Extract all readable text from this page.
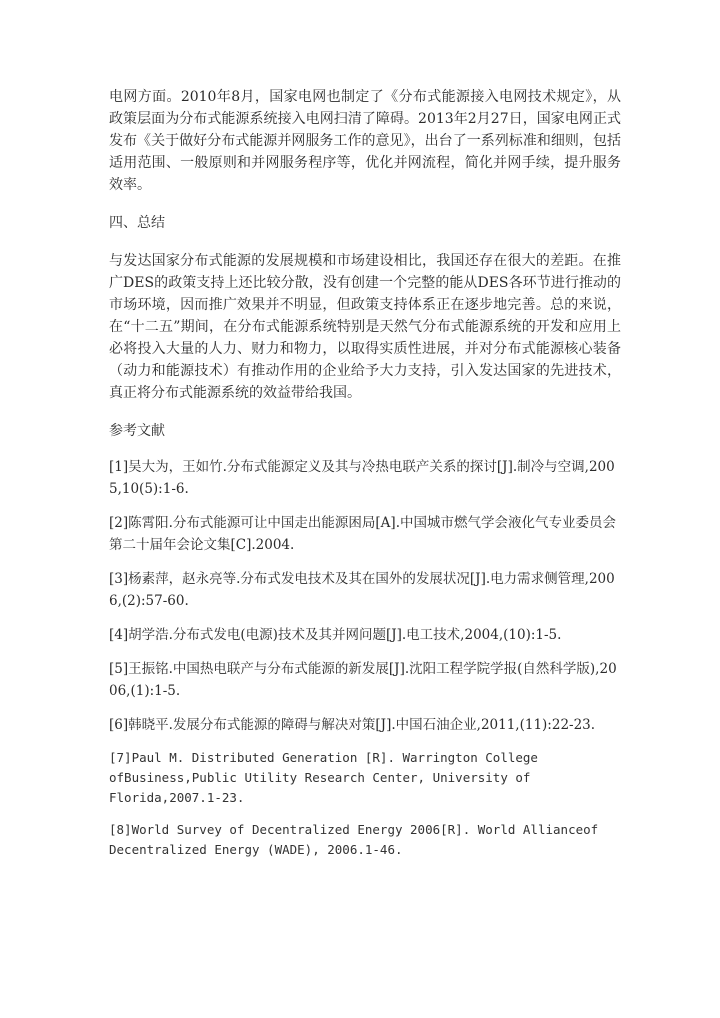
电网方面。2010年8月，国家电网也制定了《分布式能源接入电网技术规定》，从政策层面为分布式能源系统接入电网扫清了障碍。2013年2月27日，国家电网正式发布《关于做好分布式能源并网服务工作的意见》，出台了一系列标准和细则，包括适用范围、一般原则和并网服务程序等，优化并网流程，简化并网手续，提升服务效率。

四、总结

与发达国家分布式能源的发展规模和市场建设相比，我国还存在很大的差距。在推广DES的政策支持上还比较分散，没有创建一个完整的能从DES各环节进行推动的市场环境，因而推广效果并不明显，但政策支持体系正在逐步地完善。总的来说，在“十二五”期间，在分布式能源系统特别是天然气分布式能源系统的开发和应用上必将投入大量的人力、财力和物力，以取得实质性进展，并对分布式能源核心装备（动力和能源技术）有推动作用的企业给予大力支持，引入发达国家的先进技术，真正将分布式能源系统的效益带给我国。

参考文献

[1]吴大为，王如竹.分布式能源定义及其与冷热电联产关系的探讨[J].制冷与空调,2005,10(5):1-6.

[2]陈霄阳.分布式能源可让中国走出能源困局[A].中国城市燃气学会液化气专业委员会第二十届年会论文集[C].2004.

[3]杨素萍，赵永亮等.分布式发电技术及其在国外的发展状况[J].电力需求侧管理,2006,(2):57-60.

[4]胡学浩.分布式发电(电源)技术及其并网问题[J].电工技术,2004,(10):1-5.

[5]王振铭.中国热电联产与分布式能源的新发展[J].沈阳工程学院学报(自然科学版),2006,(1):1-5.

[6]韩晓平.发展分布式能源的障碍与解决对策[J].中国石油企业,2011,(11):22-23.

[7]Paul M. Distributed Generation [R]. Warrington College
ofBusiness,Public Utility Research Center, University of
Florida,2007.1-23.

[8]World Survey of Decentralized Energy 2006[R]. World Allianceof
Decentralized Energy (WADE), 2006.1-46.
